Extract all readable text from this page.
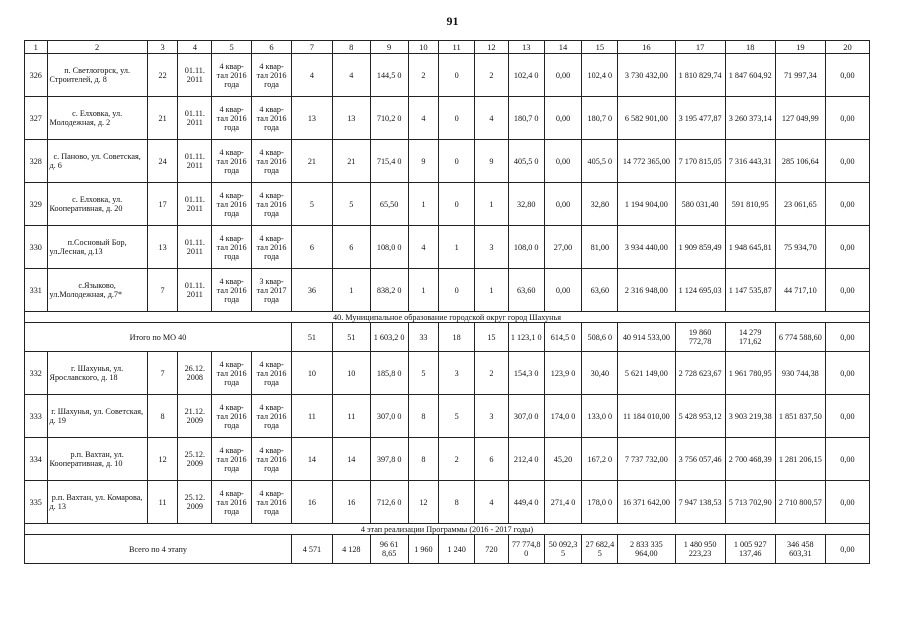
91
1	2	3	4	5	6	7	8	9	10	11	12	13	14	15	16	17	18	19	20
326	п. Светлогорск, ул. Строителей, д. 8	22	01.11. 2011	4 квар- тал 2016 года	4 квар- тал 2016 года	4	4	144,5 0	2	0	2	102,4 0	0,00	102,4 0	3 730 432,00	1 810 829,74	1 847 604,92	71 997,34	0,00
327	с. Елховка, ул. Молодежная, д. 2	21	01.11. 2011	4 квар- тал 2016 года	4 квар- тал 2016 года	13	13	710,2 0	4	0	4	180,7 0	0,00	180,7 0	6 582 901,00	3 195 477,87	3 260 373,14	127 049,99	0,00
328	с. Паново, ул. Советская, д. 6	24	01.11. 2011	4 квар- тал 2016 года	4 квар- тал 2016 года	21	21	715,4 0	9	0	9	405,5 0	0,00	405,5 0	14 772 365,00	7 170 815,05	7 316 443,31	285 106,64	0,00
329	с. Елховка, ул. Кооперативная, д. 20	17	01.11. 2011	4 квар- тал 2016 года	4 квар- тал 2016 года	5	5	65,50	1	0	1	32,80	0,00	32,80	1 194 904,00	580 031,40	591 810,95	23 061,65	0,00
330	п.Сосновый Бор, ул.Лесная, д.13	13	01.11. 2011	4 квар- тал 2016 года	4 квар- тал 2016 года	6	6	108,0 0	4	1	3	108,0 0	27,00	81,00	3 934 440,00	1 909 859,49	1 948 645,81	75 934,70	0,00
331	с.Языково, ул.Молодежная, д.7*	7	01.11. 2011	4 квар- тал 2016 года	3 квар- тал 2017 года	36	1	838,2 0	1	0	1	63,60	0,00	63,60	2 316 948,00	1 124 695,03	1 147 535,87	44 717,10	0,00
40. Муниципальное образование городской округ город Шахунья																			
Итого по МО 40						51	51	1 603,2 0	33	18	15	1 123,1 0	614,5 0	508,6 0	40 914 533,00	19 860 772,78	14 279 171,62	6 774 588,60	0,00
332	г. Шахунья, ул. Ярославского, д. 18	7	26.12. 2008	4 квар- тал 2016 года	4 квар- тал 2016 года	10	10	185,8 0	5	3	2	154,3 0	123,9 0	30,40	5 621 149,00	2 728 623,67	1 961 780,95	930 744,38	0,00
333	г. Шахунья, ул. Советская, д. 19	8	21.12. 2009	4 квар- тал 2016 года	4 квар- тал 2016 года	11	11	307,0 0	8	5	3	307,0 0	174,0 0	133,0 0	11 184 010,00	5 428 953,12	3 903 219,38	1 851 837,50	0,00
334	р.п. Вахтан, ул. Кооперативная, д. 10	12	25.12. 2009	4 квар- тал 2016 года	4 квар- тал 2016 года	14	14	397,8 0	8	2	6	212,4 0	45,20	167,2 0	7 737 732,00	3 756 057,46	2 700 468,39	1 281 206,15	0,00
335	р.п. Вахтан, ул. Комарова, д. 13	11	25.12. 2009	4 квар- тал 2016 года	4 квар- тал 2016 года	16	16	712,6 0	12	8	4	449,4 0	271,4 0	178,0 0	16 371 642,00	7 947 138,53	5 713 702,90	2 710 800,57	0,00
4 этап реализации Программы (2016 - 2017 годы)																			
Всего по 4 этапу						4 571	4 128	96 61 8,65	1 960	1 240	720	77 774,8 0	50 092,3 5	27 682,4 5	2 833 335 964,00	1 480 950 223,23	1 005 927 137,46	346 458 603,31	0,00
